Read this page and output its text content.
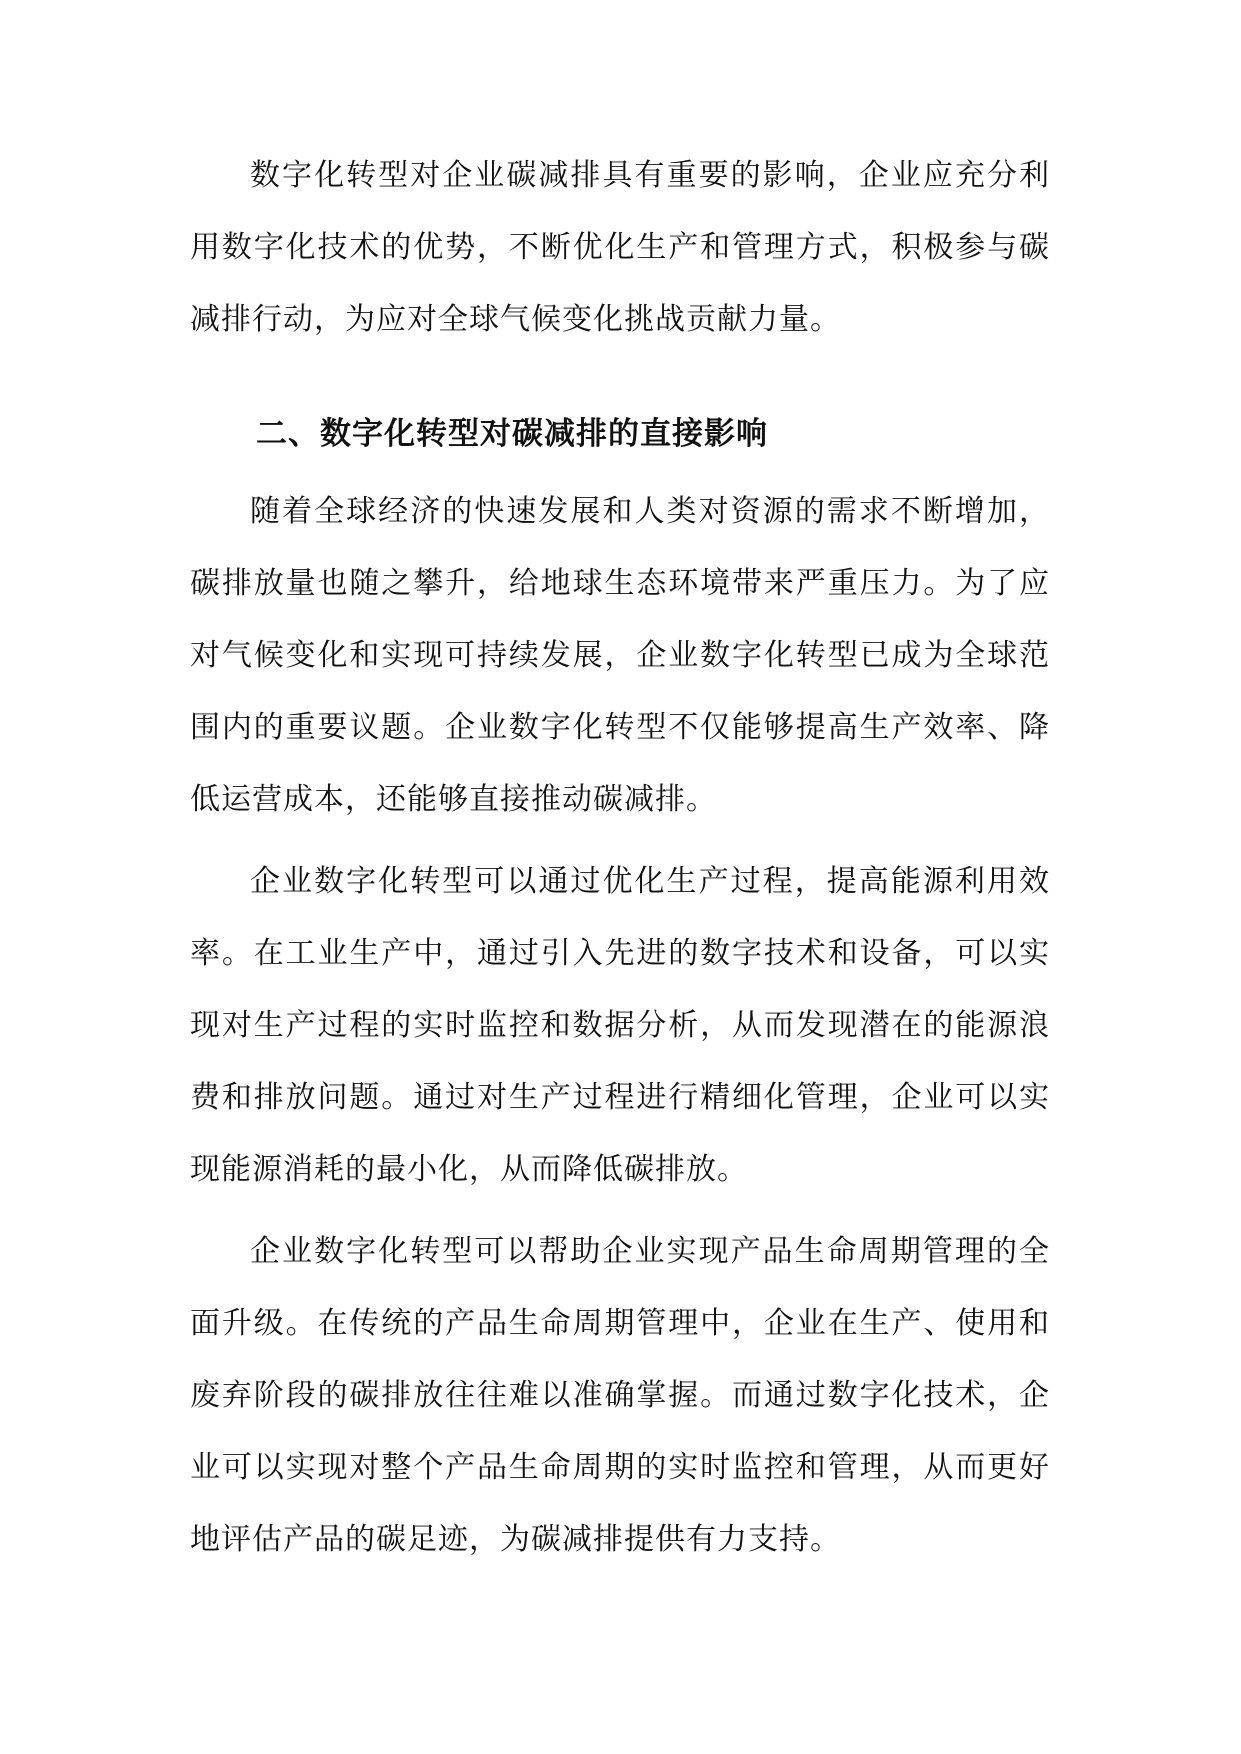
数字化转型对企业碳减排具有重要的影响，企业应充分利用数字化技术的优势，不断优化生产和管理方式，积极参与碳减排行动，为应对全球气候变化挑战贡献力量。

二、数字化转型对碳减排的直接影响

随着全球经济的快速发展和人类对资源的需求不断增加，碳排放量也随之攀升，给地球生态环境带来严重压力。为了应对气候变化和实现可持续发展，企业数字化转型已成为全球范围内的重要议题。企业数字化转型不仅能够提高生产效率、降低运营成本，还能够直接推动碳减排。

企业数字化转型可以通过优化生产过程，提高能源利用效率。在工业生产中，通过引入先进的数字技术和设备，可以实现对生产过程的实时监控和数据分析，从而发现潜在的能源浪费和排放问题。通过对生产过程进行精细化管理，企业可以实现能源消耗的最小化，从而降低碳排放。

企业数字化转型可以帮助企业实现产品生命周期管理的全面升级。在传统的产品生命周期管理中，企业在生产、使用和废弃阶段的碳排放往往难以准确掌握。而通过数字化技术，企业可以实现对整个产品生命周期的实时监控和管理，从而更好地评估产品的碳足迹，为碳减排提供有力支持。
